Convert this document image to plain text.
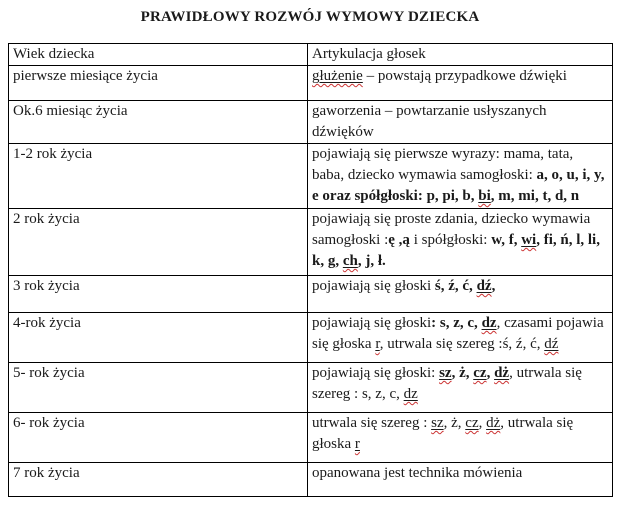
PRAWIDŁOWY ROZWÓJ WYMOWY DZIECKA
Wiek dziecka	Artykulacja głosek
pierwsze miesiące życia	głużenie – powstają przypadkowe dźwięki
Ok.6 miesiąc życia	gaworzenia – powtarzanie usłyszanych dźwięków
1-2 rok życia	pojawiają się pierwsze wyrazy: mama, tata, baba, dziecko wymawia samogłoski: a, o, u, i, y, e oraz spółgłoski: p, pi, b, bi, m, mi, t, d, n
2 rok życia	pojawiają się proste zdania, dziecko wymawia samogłoski :ę ,ą i spółgłoski: w, f, wi, fi, ń, l, li, k, g, ch, j, ł.
3 rok życia	pojawiają się głoski ś, ź, ć, dź,
4-rok życia	pojawiają się głoski: s, z, c, dz, czasami pojawia się głoska r, utrwala się szereg :ś, ź, ć, dź
5- rok życia	pojawiają się głoski: sz, ż, cz, dż, utrwala się szereg : s, z, c, dz
6- rok życia	utrwala się szereg : sz, ż, cz, dż, utrwala się głoska r
7 rok życia	opanowana jest technika mówienia
